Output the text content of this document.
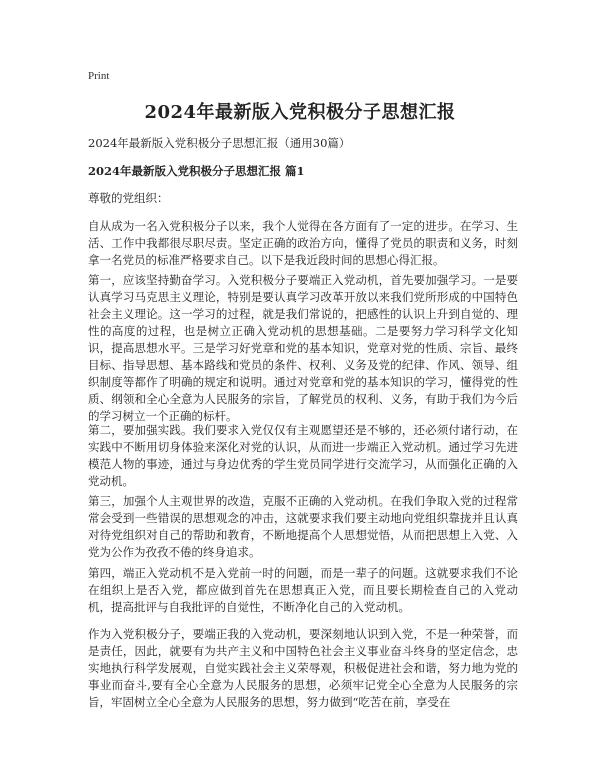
Print
2024年最新版入党积极分子思想汇报
2024年最新版入党积极分子思想汇报（通用30篇）
2024年最新版入党积极分子思想汇报 篇1

尊敬的党组织：

自从成为一名入党积极分子以来，我个人觉得在各方面有了一定的进步。在学习、生活、工作中我都很尽职尽责。坚定正确的政治方向，懂得了党员的职责和义务，时刻拿一名党员的标准严格要求自己。以下是我近段时间的思想心得汇报。

第一，应该坚持勤奋学习。入党积极分子要端正入党动机，首先要加强学习。一是要认真学习马克思主义理论，特别是要认真学习改革开放以来我们党所形成的中国特色社会主义理论。这一学习的过程，就是我们常说的，把感性的认识上升到自觉的、理性的高度的过程，也是树立正确入党动机的思想基础。二是要努力学习科学文化知识，提高思想水平。三是学习好党章和党的基本知识，党章对党的性质、宗旨、最终目标、指导思想、基本路线和党员的条件、权利、义务及党的纪律、作风、领导、组织制度等都作了明确的规定和说明。通过对党章和党的基本知识的学习，懂得党的性质、纲领和全心全意为人民服务的宗旨，了解党员的权利、义务，有助于我们为今后的学习树立一个正确的标杆。

第二，要加强实践。我们要求入党仅仅有主观愿望还是不够的，还必须付诸行动，在实践中不断用切身体验来深化对党的认识，从而进一步端正入党动机。通过学习先进模范人物的事迹，通过与身边优秀的学生党员同学进行交流学习，从而强化正确的入党动机。

第三，加强个人主观世界的改造，克服不正确的入党动机。在我们争取入党的过程常常会受到一些错误的思想观念的冲击，这就要求我们要主动地向党组织靠拢并且认真对待党组织对自己的帮助和教育，不断地提高个人思想觉悟，从而把思想上入党、入党为公作为孜孜不倦的终身追求。

第四，端正入党动机不是入党前一时的问题，而是一辈子的问题。这就要求我们不论在组织上是否入党，都应做到首先在思想真正入党，而且要长期检查自己的入党动机，提高批评与自我批评的自觉性，不断净化自己的入党动机。

作为入党积极分子，要端正我的入党动机，要深刻地认识到入党，不是一种荣誉，而是责任，因此，就要有为共产主义和中国特色社会主义事业奋斗终身的坚定信念，忠实地执行科学发展观，自觉实践社会主义荣辱观，积极促进社会和谐，努力地为党的事业而奋斗,要有全心全意为人民服务的思想，必须牢记党全心全意为人民服务的宗旨，牢固树立全心全意为人民服务的思想，努力做到“吃苦在前，享受在
